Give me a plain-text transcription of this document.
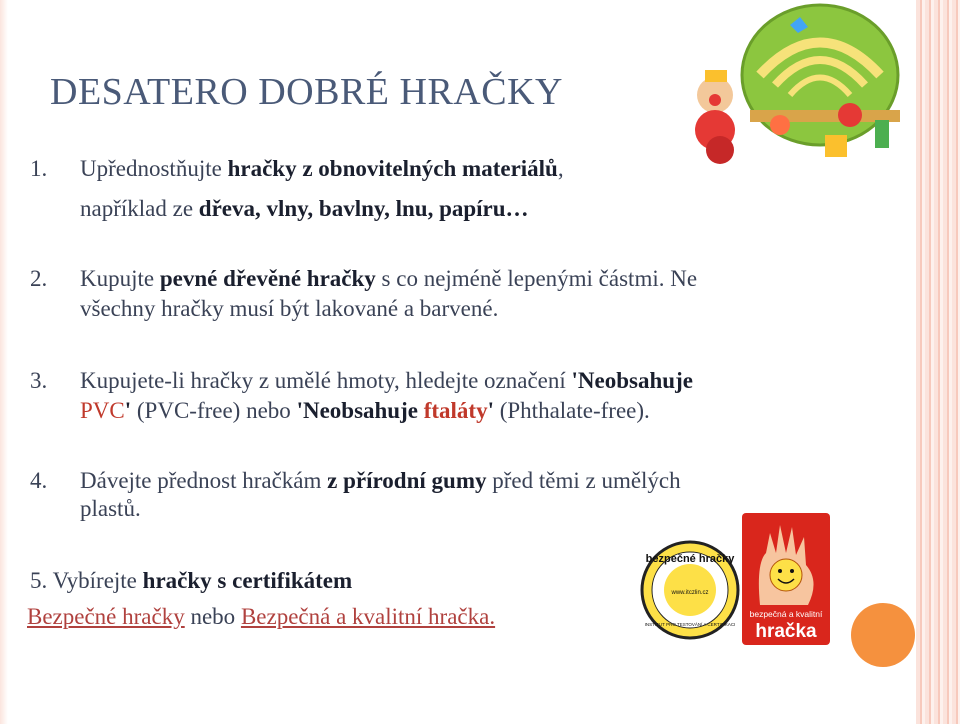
DESATERO DOBRÉ HRAČKY
1. Upřednostňujte hračky z obnovitelných materiálů,
například ze dřeva, vlny, bavlny, lnu, papíru…
2. Kupujte pevné dřevěné hračky s co nejméně lepenými částmi. Ne
všechny hračky musí být lakované a barvené.
3. Kupujete-li hračky z umělé hmoty, hledejte označení 'Neobsahuje
PVC' (PVC-free) nebo 'Neobsahuje ftaláty' (Phthalate-free).
4. Dávejte přednost hračkám z přírodní gumy před těmi z umělých
plastů.
5. Vybírejte hračky s certifikátem
Bezpečné hračky nebo Bezpečná a kvalitní hračka.
bezpečné hračky
www.itczlin.cz
INSTITUT PRO TESTOVÁNÍ A CERTIFIKACI
bezpečná a kvalitní
hračka
